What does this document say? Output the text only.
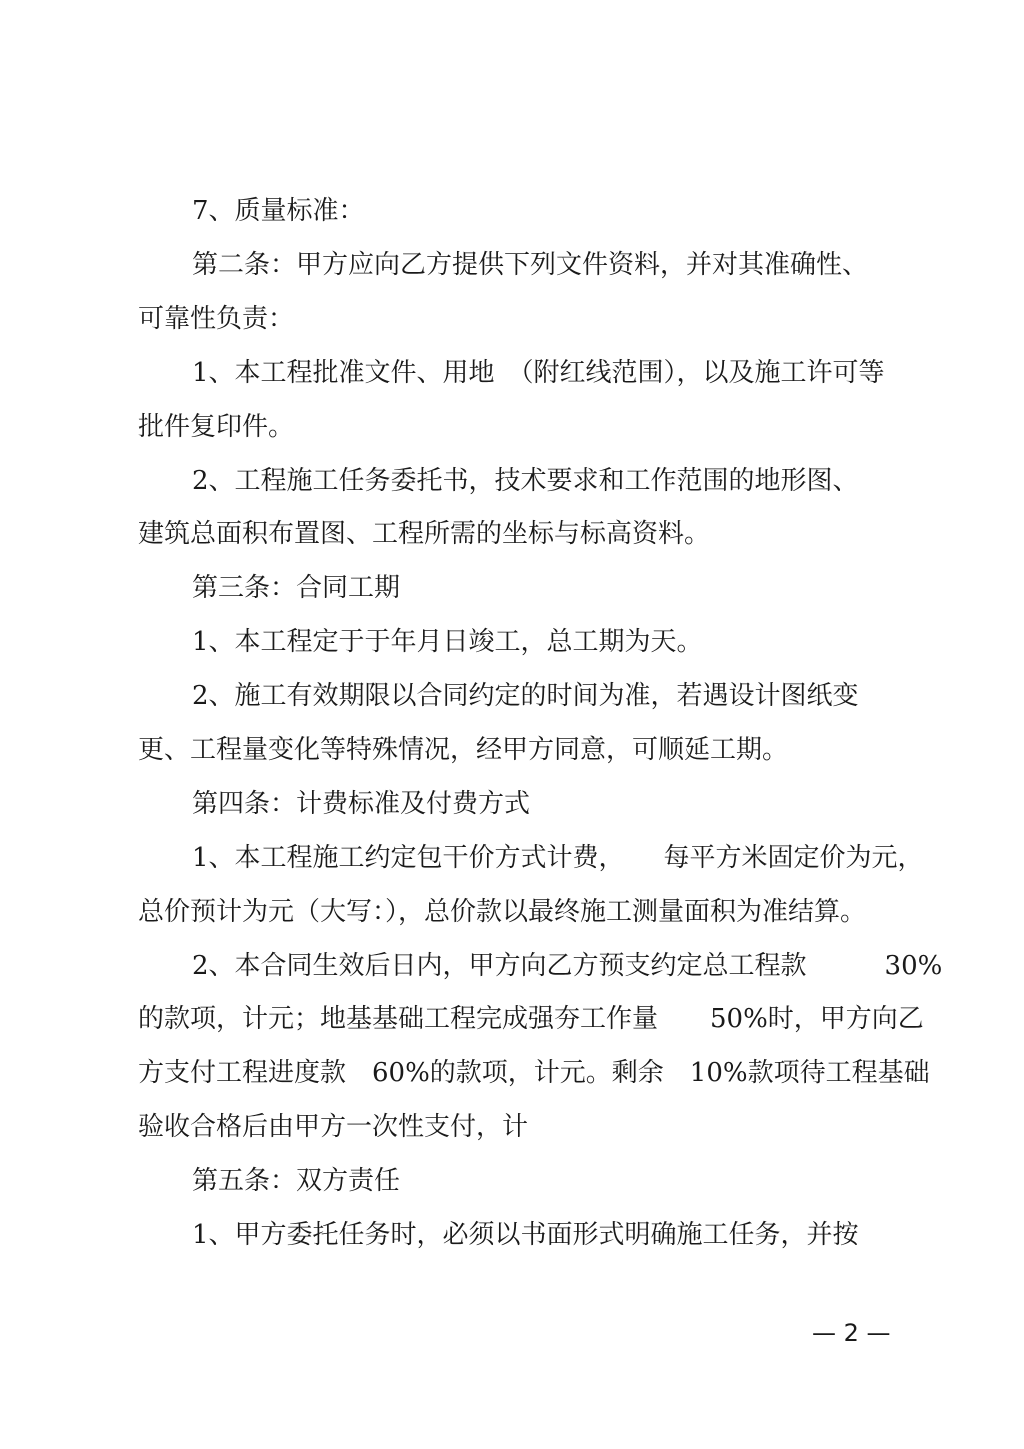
7、质量标准：

第二条：甲方应向乙方提供下列文件资料，并对其准确性、

可靠性负责：

1、本工程批准文件、用地　（附红线范围），以及施工许可等

批件复印件。

2、工程施工任务委托书，技术要求和工作范围的地形图、

建筑总面积布置图、工程所需的坐标与标高资料。

第三条：合同工期

1、本工程定于于年月日竣工，总工期为天。

2、施工有效期限以合同约定的时间为准，若遇设计图纸变

更、工程量变化等特殊情况，经甲方同意，可顺延工期。

第四条：计费标准及付费方式

1、本工程施工约定包干价方式计费，　　每平方米固定价为元，

总价预计为元（大写：），总价款以最终施工测量面积为准结算。

2、本合同生效后日内，甲方向乙方预支约定总工程款　　　30%

的款项，计元；地基基础工程完成强夯工作量　　50%时，甲方向乙

方支付工程进度款　60%的款项，计元。剩余　10%款项待工程基础

验收合格后由甲方一次性支付，计

第五条：双方责任

1、甲方委托任务时，必须以书面形式明确施工任务，并按

— 2 —
